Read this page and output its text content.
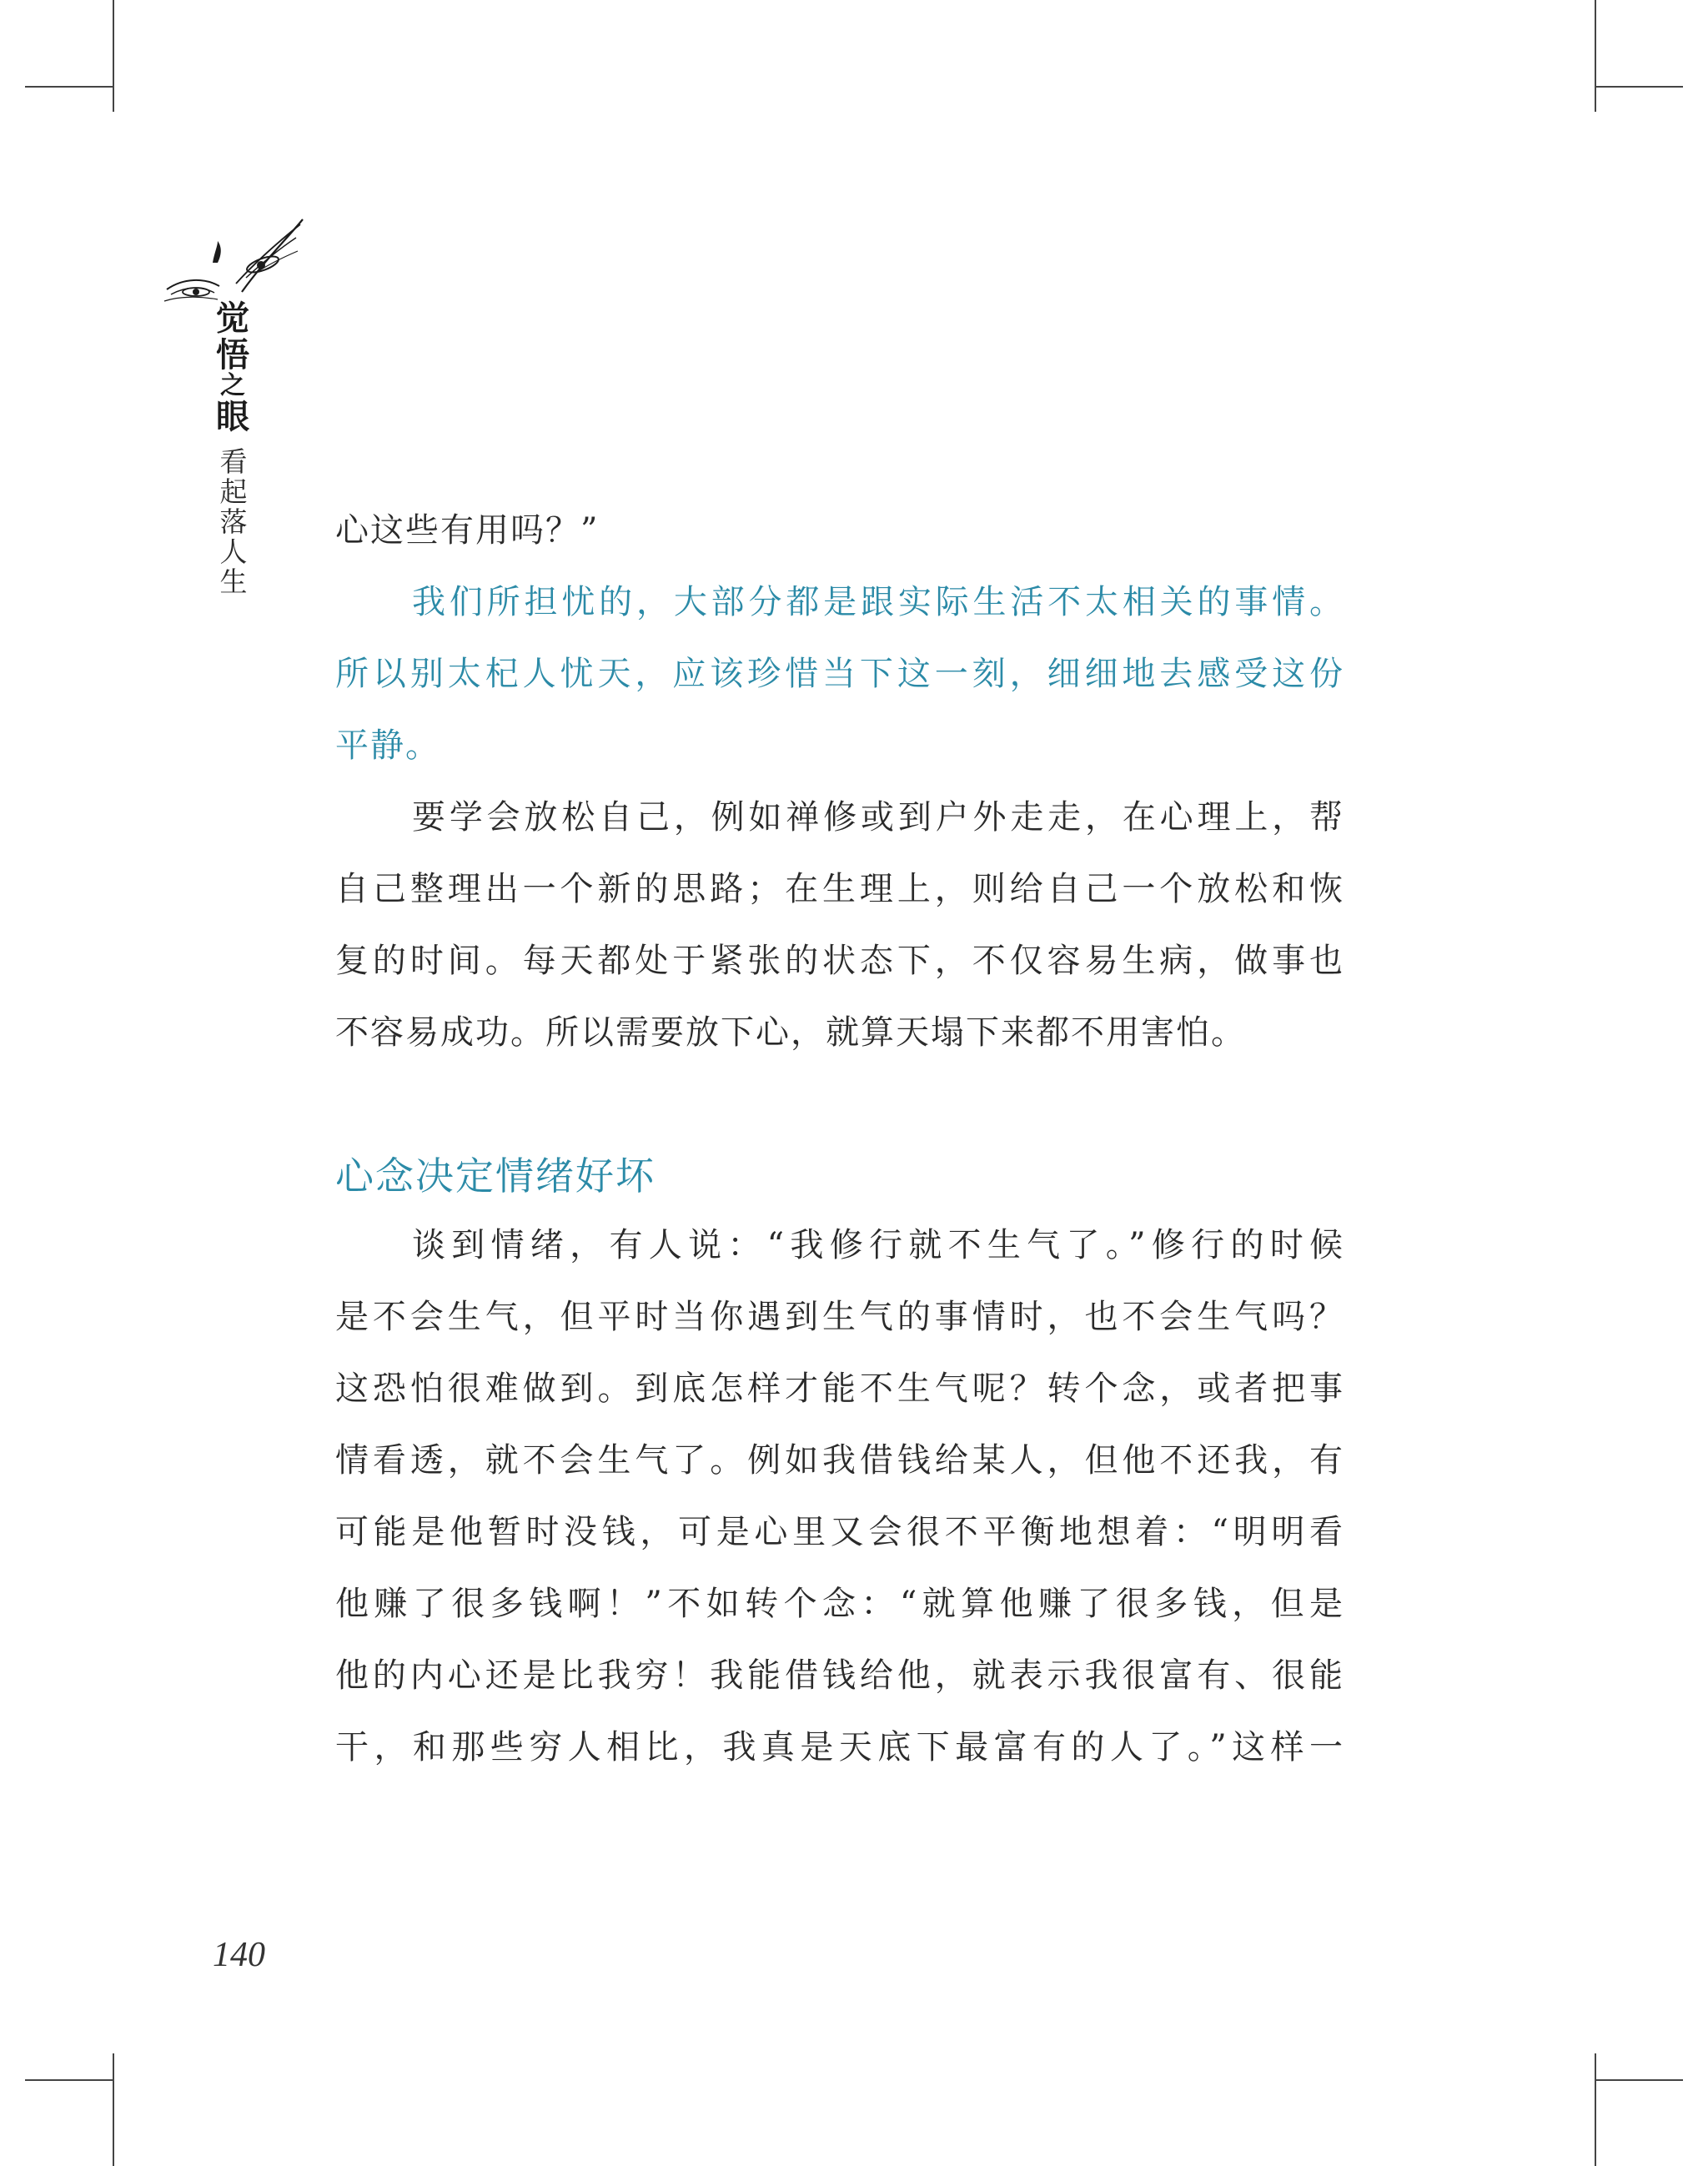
觉
悟
之
眼
看
起
落
人
生
心这些有用吗？”
我们所担忧的，大部分都是跟实际生活不太相关的事情。
所以别太杞人忧天，应该珍惜当下这一刻，细细地去感受这份
平静。
要学会放松自己，例如禅修或到户外走走，在心理上，帮
自己整理出一个新的思路；在生理上，则给自己一个放松和恢
复的时间。每天都处于紧张的状态下，不仅容易生病，做事也
不容易成功。所以需要放下心，就算天塌下来都不用害怕。
心念决定情绪好坏
谈到情绪，有人说：“我修行就不生气了。”修行的时候
是不会生气，但平时当你遇到生气的事情时，也不会生气吗？
这恐怕很难做到。到底怎样才能不生气呢？转个念，或者把事
情看透，就不会生气了。例如我借钱给某人，但他不还我，有
可能是他暂时没钱，可是心里又会很不平衡地想着：“明明看
他赚了很多钱啊！”不如转个念：“就算他赚了很多钱，但是
他的内心还是比我穷！我能借钱给他，就表示我很富有、很能
干，和那些穷人相比，我真是天底下最富有的人了。”这样一
140
